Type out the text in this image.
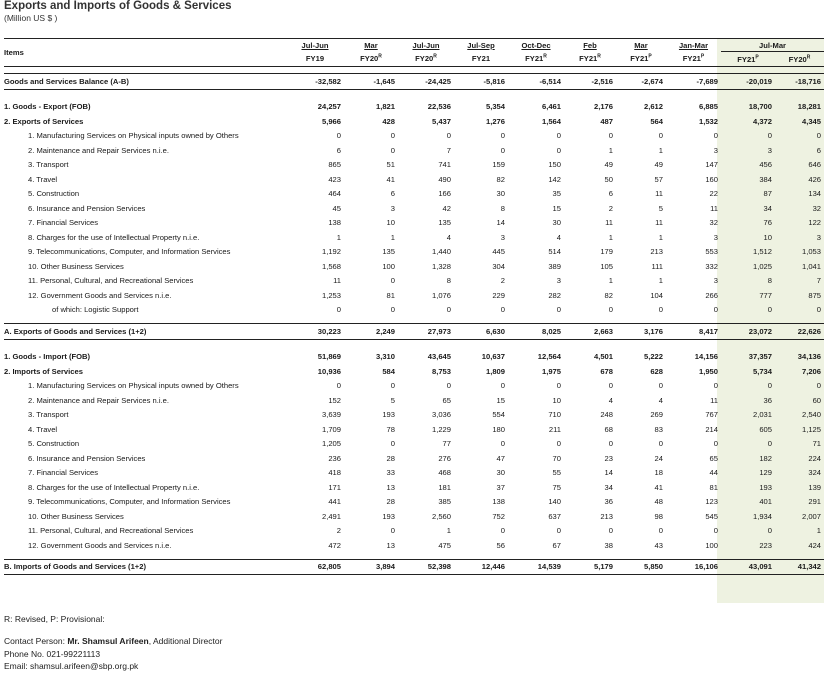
Exports and Imports of Goods & Services
(Million US $ )
Items	Jul-Jun	Mar	Jul-Jun	Jul-Sep	Oct-Dec	Feb	Mar	Jan-Mar	Jul-Mar	
	FY19	$FY20^R$	$FY20^R$	FY21	$FY21^R$	$FY21^R$	$FY21^P$	$FY21^P$	$FY21^P$	$FY20^R$

Goods and Services Balance (A-B)	-32,582	-1,645	-24,425	-5,816	-6,514	-2,516	-2,674	-7,689	-20,019	-18,716

1. Goods - Export (FOB)	24,257	1,821	22,536	5,354	6,461	2,176	2,612	6,885	18,700	18,281
2. Exports of Services	5,966	428	5,437	1,276	1,564	487	564	1,532	4,372	4,345
1. Manufacturing Services on Physical inputs owned by Others	0	0	0	0	0	0	0	0	0	0
2. Maintenance and Repair Services n.i.e.	6	0	7	0	0	1	1	3	3	6
3. Transport	865	51	741	159	150	49	49	147	456	646
4. Travel	423	41	490	82	142	50	57	160	384	426
5. Construction	464	6	166	30	35	6	11	22	87	134
6. Insurance and Pension Services	45	3	42	8	15	2	5	11	34	32
7. Financial Services	138	10	135	14	30	11	11	32	76	122
8. Charges for the use of Intellectual Property n.i.e.	1	1	4	3	4	1	1	3	10	3
9. Telecommunications, Computer, and Information Services	1,192	135	1,440	445	514	179	213	553	1,512	1,053
10. Other Business Services	1,568	100	1,328	304	389	105	111	332	1,025	1,041
11. Personal, Cultural, and Recreational Services	11	0	8	2	3	1	1	3	8	7
12. Government Goods and Services n.i.e.	1,253	81	1,076	229	282	82	104	266	777	875
of which: Logistic Support	0	0	0	0	0	0	0	0	0	0

A. Exports of Goods and Services (1+2)	30,223	2,249	27,973	6,630	8,025	2,663	3,176	8,417	23,072	22,626

1. Goods - Import (FOB)	51,869	3,310	43,645	10,637	12,564	4,501	5,222	14,156	37,357	34,136
2. Imports of Services	10,936	584	8,753	1,809	1,975	678	628	1,950	5,734	7,206
1. Manufacturing Services on Physical inputs owned by Others	0	0	0	0	0	0	0	0	0	0
2. Maintenance and Repair Services n.i.e.	152	5	65	15	10	4	4	11	36	60
3. Transport	3,639	193	3,036	554	710	248	269	767	2,031	2,540
4. Travel	1,709	78	1,229	180	211	68	83	214	605	1,125
5. Construction	1,205	0	77	0	0	0	0	0	0	71
6. Insurance and Pension Services	236	28	276	47	70	23	24	65	182	224
7. Financial Services	418	33	468	30	55	14	18	44	129	324
8. Charges for the use of Intellectual Property n.i.e.	171	13	181	37	75	34	41	81	193	139
9. Telecommunications, Computer, and Information Services	441	28	385	138	140	36	48	123	401	291
10. Other Business Services	2,491	193	2,560	752	637	213	98	545	1,934	2,007
11. Personal, Cultural, and Recreational Services	2	0	1	0	0	0	0	0	0	1
12. Government Goods and Services n.i.e.	472	13	475	56	67	38	43	100	223	424

B. Imports of Goods and Services (1+2)	62,805	3,894	52,398	12,446	14,539	5,179	5,850	16,106	43,091	41,342
R: Revised, P: Provisional:
Contact Person: Mr. Shamsul Arifeen, Additional Director
Phone No. 021-99221113
Email: shamsul.arifeen@sbp.org.pk
